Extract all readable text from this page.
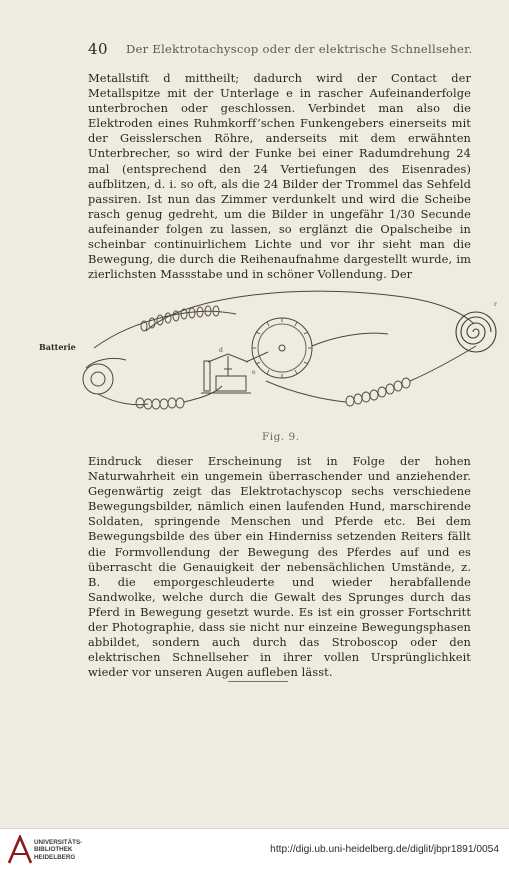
40 Der Elektrotachyscop oder der elektrische Schnellseher.

Metallstift d mittheilt; dadurch wird der Contact der Metallspitze mit der Unterlage e in rascher Aufeinanderfolge unterbrochen oder geschlossen. Verbindet man also die Elektroden eines Ruhmkorff’schen Funkengebers einerseits mit der Geisslerschen Röhre, anderseits mit dem erwähnten Unterbrecher, so wird der Funke bei einer Radumdrehung 24 mal (entsprechend den 24 Vertiefungen des Eisenrades) aufblitzen, d. i. so oft, als die 24 Bilder der Trommel das Sehfeld passiren. Ist nun das Zimmer verdunkelt und wird die Scheibe rasch genug gedreht, um die Bilder in ungefähr 1/30 Secunde aufeinander folgen zu lassen, so erglänzt die Opalscheibe in scheinbar continuirlichem Lichte und vor ihr sieht man die Bewegung, die durch die Reihenaufnahme dargestellt wurde, im zierlichsten Massstabe und in schöner Vollendung. Der

Batterie
r
e
d
Fig. 9.

Eindruck dieser Erscheinung ist in Folge der hohen Naturwahrheit ein ungemein überraschender und anziehender. Gegenwärtig zeigt das Elektrotachyscop sechs verschiedene Bewegungsbilder, nämlich einen laufenden Hund, marschirende Soldaten, springende Menschen und Pferde etc. Bei dem Bewegungsbilde des über ein Hinderniss setzenden Reiters fällt die Formvollendung der Bewegung des Pferdes auf und es überrascht die Genauigkeit der nebensächlichen Umstände, z. B. die emporgeschleuderte und wieder herabfallende Sandwolke, welche durch die Gewalt des Sprunges durch das Pferd in Bewegung gesetzt wurde. Es ist ein grosser Fortschritt der Photographie, dass sie nicht nur einzeine Bewegungsphasen abbildet, sondern auch durch das Stroboscop oder den elektrischen Schnellseher in ihrer vollen Ursprünglichkeit wieder vor unseren Augen aufleben lässt.

UNIVERSITÄTS-
BIBLIOTHEK
HEIDELBERG
http://digi.ub.uni-heidelberg.de/diglit/jbpr1891/0054
